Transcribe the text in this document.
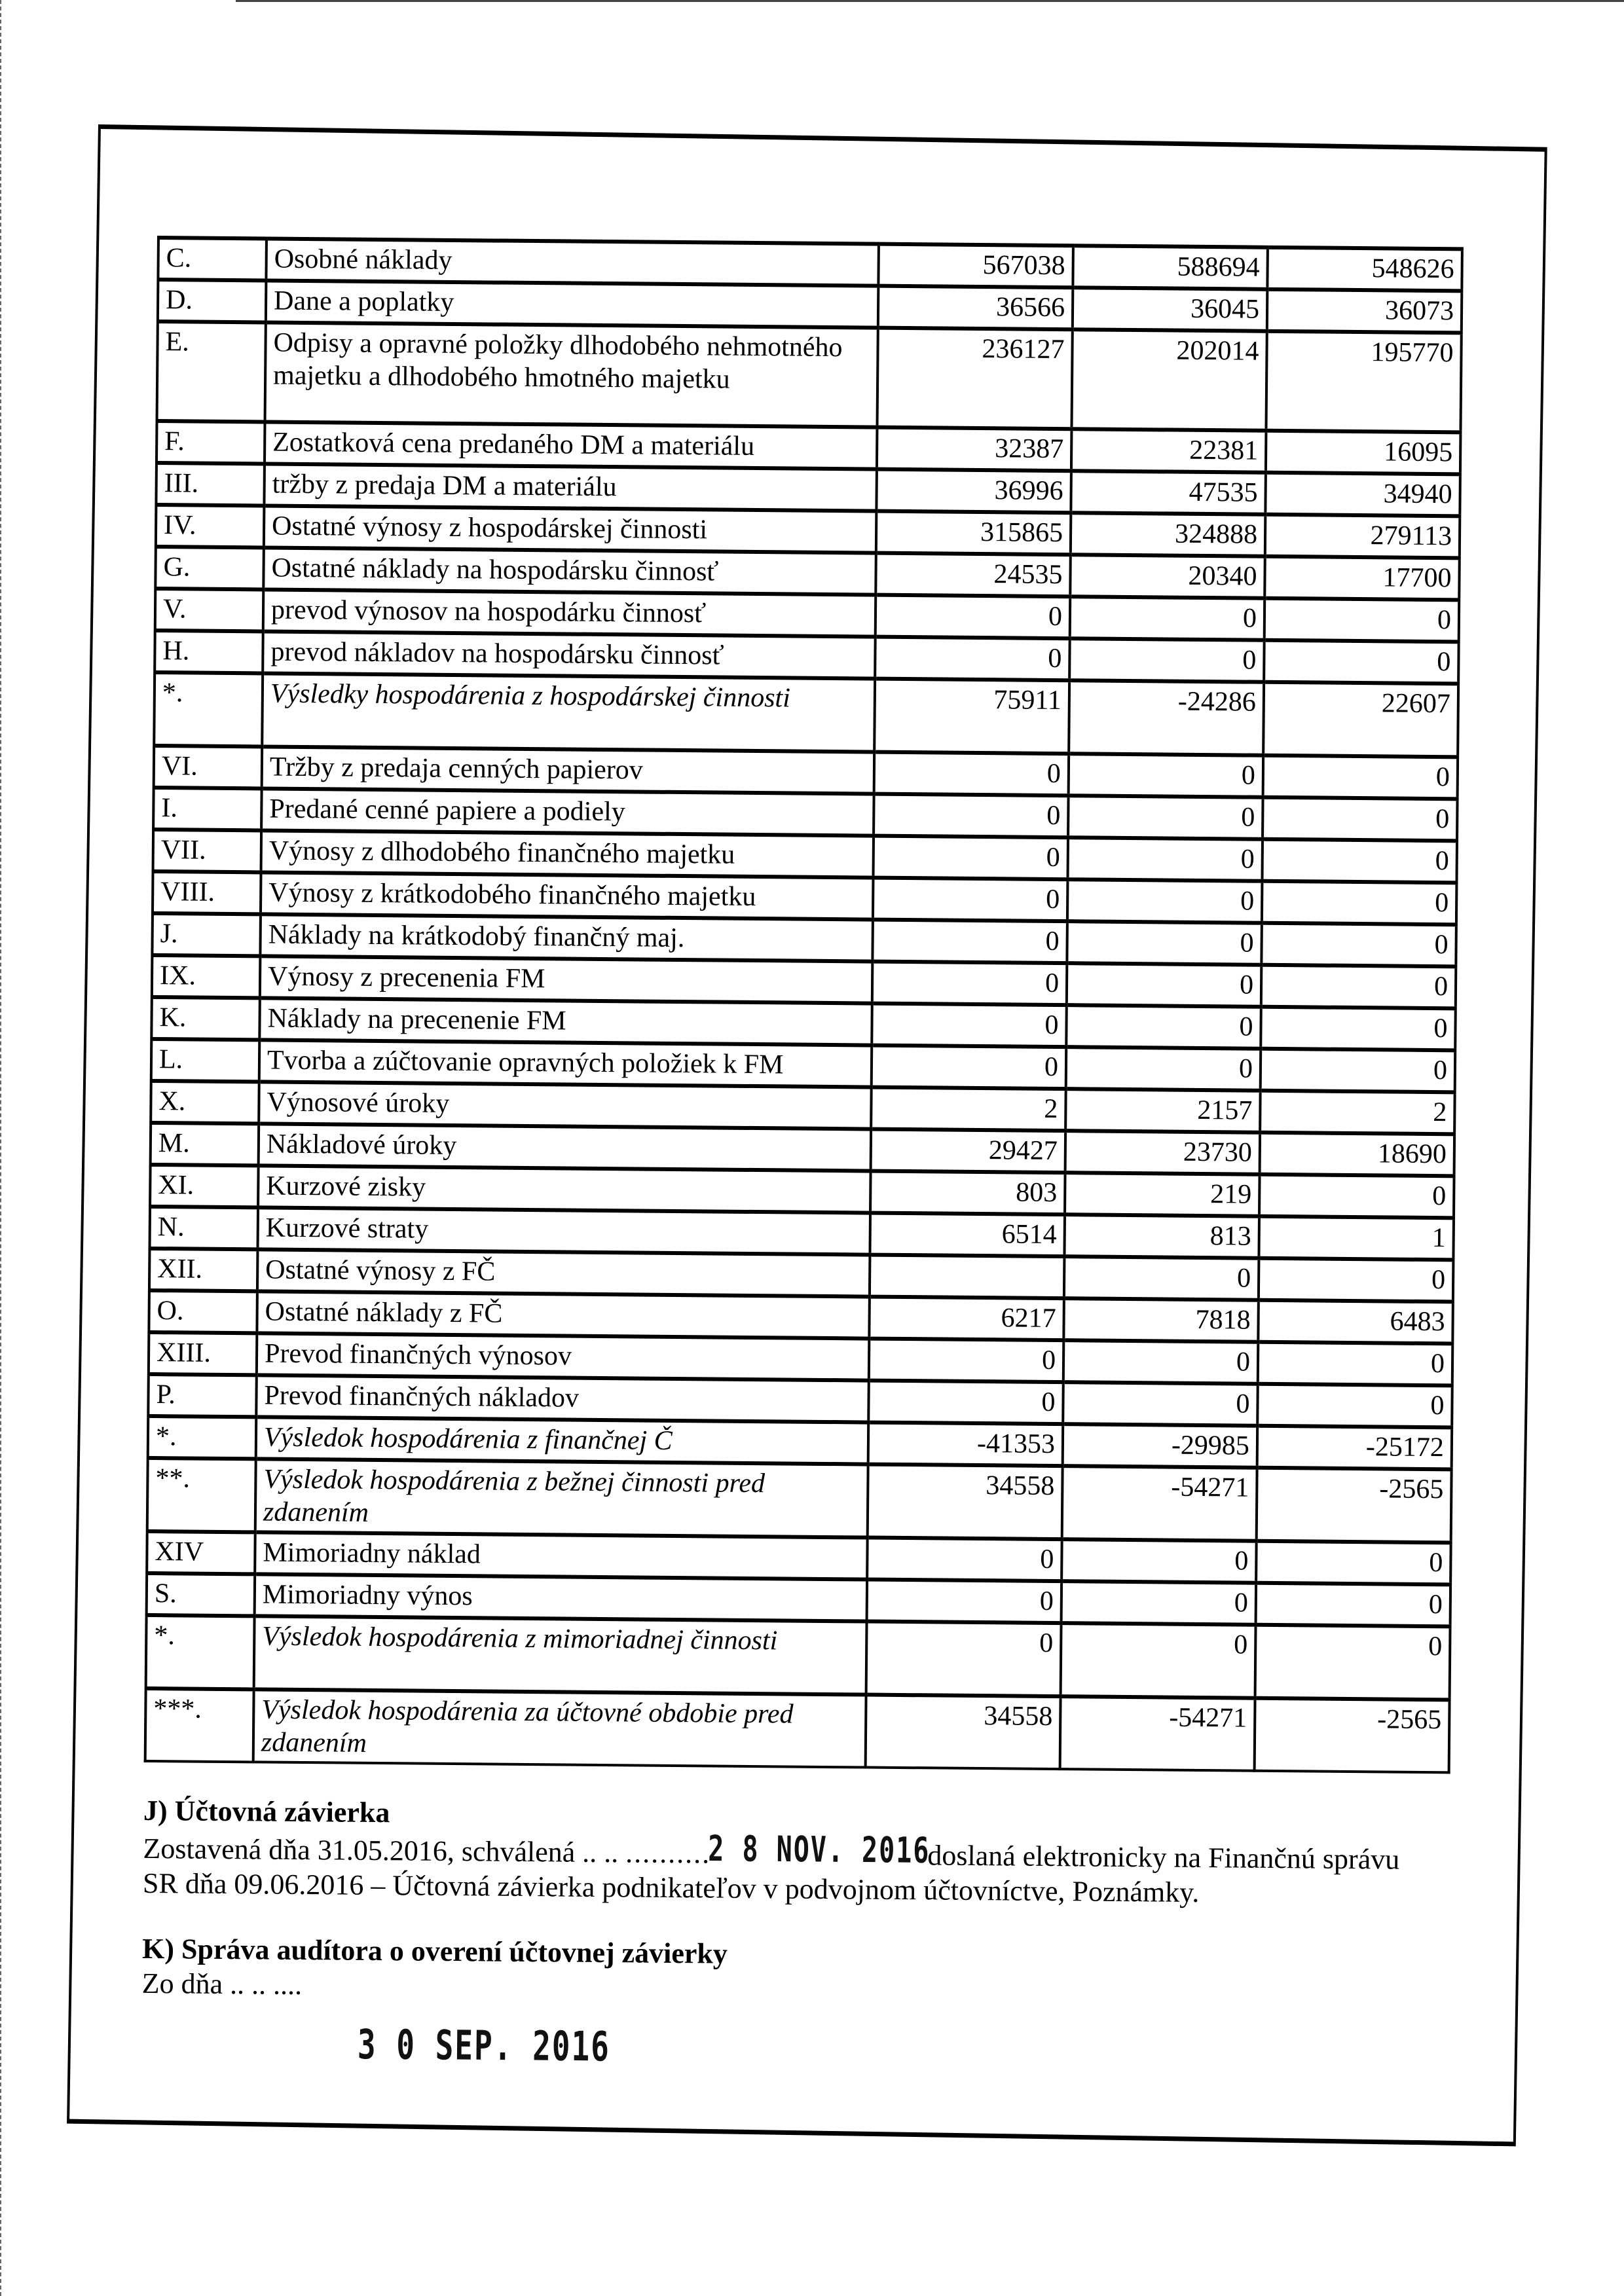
C.	Osobné náklady	567038	588694	548626
D.	Dane a poplatky	36566	36045	36073
E.	Odpisy a opravné položky dlhodobého nehmotného majetku a dlhodobého hmotného majetku	236127	202014	195770
F.	Zostatková cena predaného DM a materiálu	32387	22381	16095
III.	tržby z predaja DM a materiálu	36996	47535	34940
IV.	Ostatné výnosy z hospodárskej činnosti	315865	324888	279113
G.	Ostatné náklady na hospodársku činnosť	24535	20340	17700
V.	prevod výnosov na hospodárku činnosť	0	0	0
H.	prevod nákladov na hospodársku činnosť	0	0	0
*.	Výsledky hospodárenia z hospodárskej činnosti	75911	-24286	22607
VI.	Tržby z predaja cenných papierov	0	0	0
I.	Predané cenné papiere a podiely	0	0	0
VII.	Výnosy z dlhodobého finančného majetku	0	0	0
VIII.	Výnosy z krátkodobého finančného majetku	0	0	0
J.	Náklady na krátkodobý finančný maj.	0	0	0
IX.	Výnosy z precenenia FM	0	0	0
K.	Náklady na precenenie FM	0	0	0
L.	Tvorba a zúčtovanie opravných položiek k FM	0	0	0
X.	Výnosové úroky	2	2157	2
M.	Nákladové úroky	29427	23730	18690
XI.	Kurzové zisky	803	219	0
N.	Kurzové straty	6514	813	1
XII.	Ostatné výnosy z FČ		0	0
O.	Ostatné náklady z FČ	6217	7818	6483
XIII.	Prevod finančných výnosov	0	0	0
P.	Prevod finančných nákladov	0	0	0
*.	Výsledok hospodárenia z finančnej Č	-41353	-29985	-25172
**.	Výsledok hospodárenia z bežnej činnosti pred zdanením	34558	-54271	-2565
XIV	Mimoriadny náklad	0	0	0
S.	Mimoriadny výnos	0	0	0
*.	Výsledok hospodárenia z mimoriadnej činnosti	0	0	0
***.	Výsledok hospodárenia za účtovné obdobie pred zdanením	34558	-54271	-2565
J) Účtovná závierka
Zostavená dňa 31.05.2016, schválená .. .. ..........2 8 NOV. 2016doslaná elektronicky na Finančnú správu
SR dňa 09.06.2016 – Účtovná závierka podnikateľov v podvojnom účtovníctve, Poznámky.
K) Správa audítora o overení účtovnej závierky
Zo dňa .. .. ....
3 0 SEP. 2016
